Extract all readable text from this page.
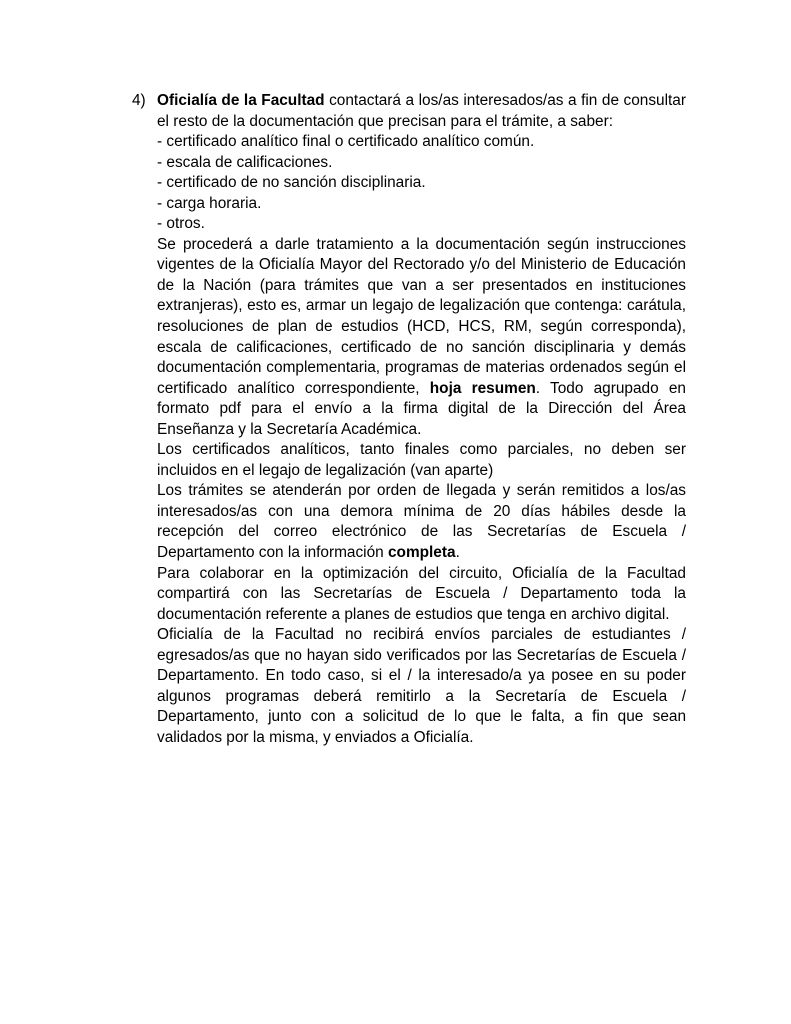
4) Oficialía de la Facultad contactará a los/as interesados/as a fin de consultar el resto de la documentación que precisan para el trámite, a saber:

- certificado analítico final o certificado analítico común.

- escala de calificaciones.

- certificado de no sanción disciplinaria.

- carga horaria.

- otros.

Se procederá a darle tratamiento a la documentación según instrucciones vigentes de la Oficialía Mayor del Rectorado y/o del Ministerio de Educación de la Nación (para trámites que van a ser presentados en instituciones extranjeras), esto es, armar un legajo de legalización que contenga: carátula, resoluciones de plan de estudios (HCD, HCS, RM, según corresponda), escala de calificaciones, certificado de no sanción disciplinaria y demás documentación complementaria, programas de materias ordenados según el certificado analítico correspondiente, hoja resumen. Todo agrupado en formato pdf para el envío a la firma digital de la Dirección del Área Enseñanza y la Secretaría Académica.

Los certificados analíticos, tanto finales como parciales, no deben ser incluidos en el legajo de legalización (van aparte)

Los trámites se atenderán por orden de llegada y serán remitidos a los/as interesados/as con una demora mínima de 20 días hábiles desde la recepción del correo electrónico de las Secretarías de Escuela / Departamento con la información completa.

Para colaborar en la optimización del circuito, Oficialía de la Facultad compartirá con las Secretarías de Escuela / Departamento toda la documentación referente a planes de estudios que tenga en archivo digital.

Oficialía de la Facultad no recibirá envíos parciales de estudiantes / egresados/as que no hayan sido verificados por las Secretarías de Escuela / Departamento. En todo caso, si el / la interesado/a ya posee en su poder algunos programas deberá remitirlo a la Secretaría de Escuela / Departamento, junto con a solicitud de lo que le falta, a fin que sean validados por la misma, y enviados a Oficialía.
